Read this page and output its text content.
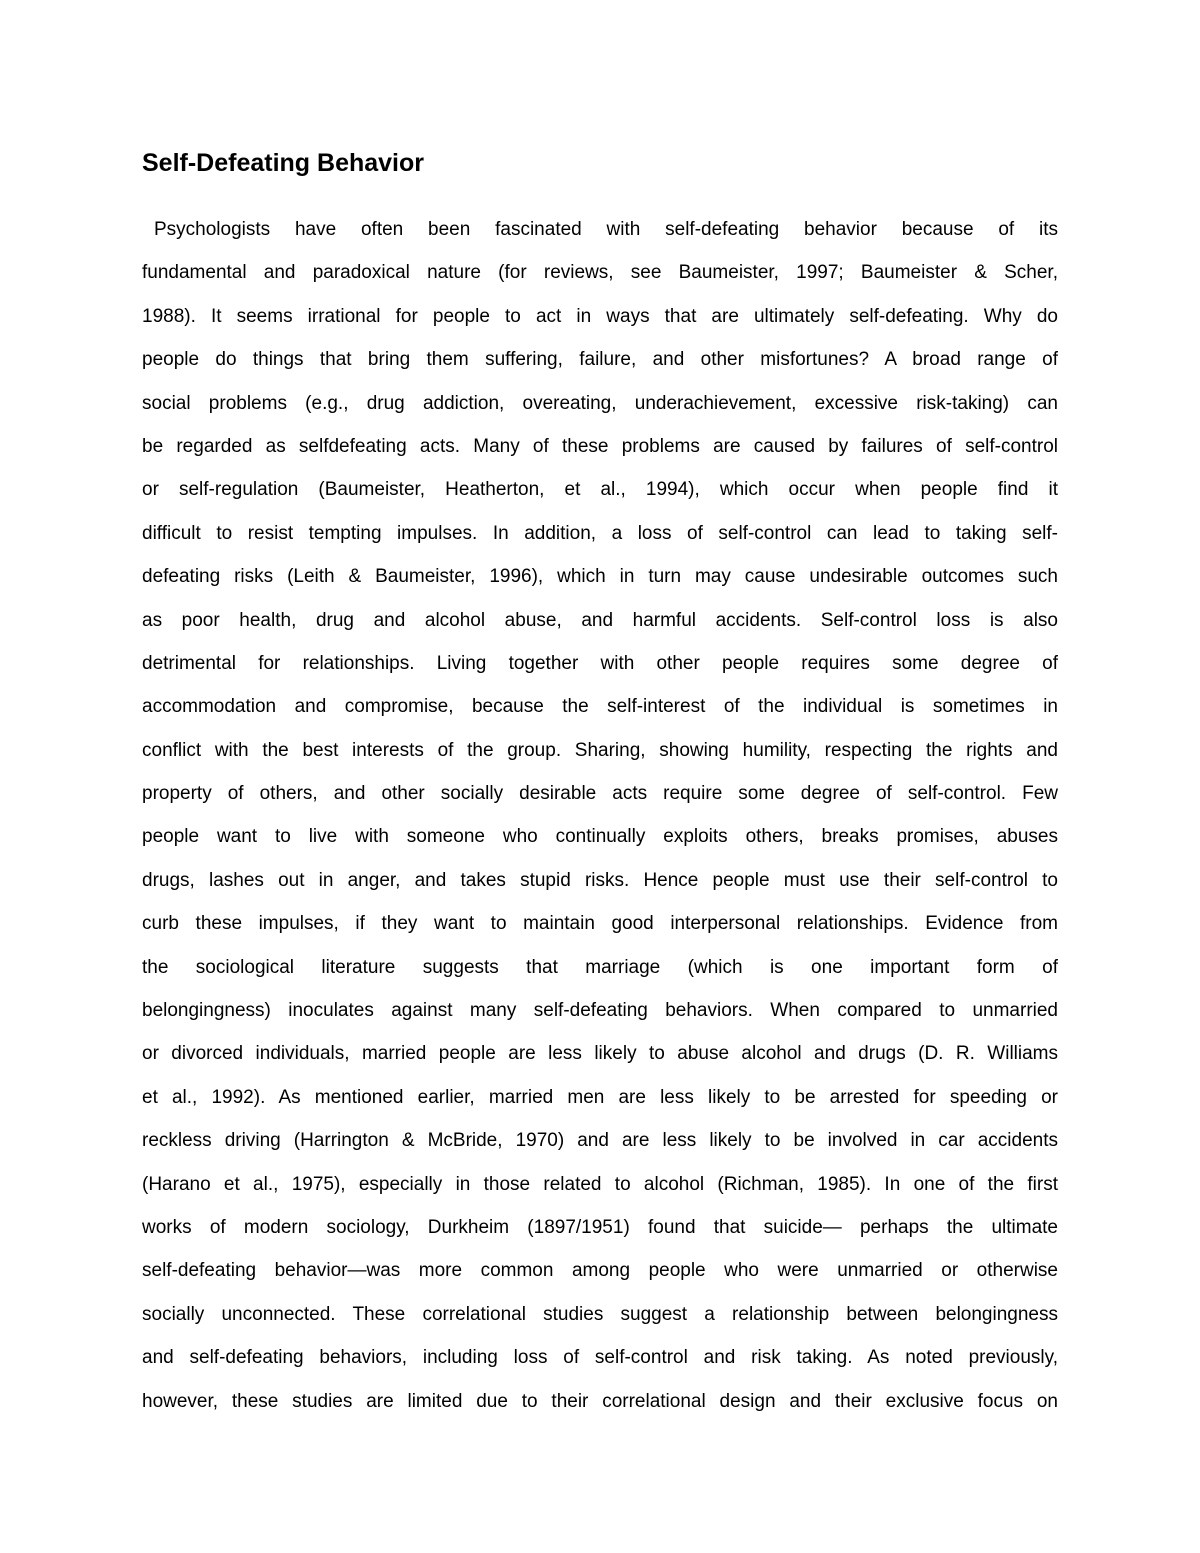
Self-Defeating Behavior
Psychologists have often been fascinated with self-defeating behavior because of its
fundamental and paradoxical nature (for reviews, see Baumeister, 1997; Baumeister & Scher,
1988). It seems irrational for people to act in ways that are ultimately self-defeating. Why do
people do things that bring them suffering, failure, and other misfortunes? A broad range of
social problems (e.g., drug addiction, overeating, underachievement, excessive risk-taking) can
be regarded as selfdefeating acts. Many of these problems are caused by failures of self-control
or self-regulation (Baumeister, Heatherton, et al., 1994), which occur when people find it
difficult to resist tempting impulses. In addition, a loss of self-control can lead to taking self-
defeating risks (Leith & Baumeister, 1996), which in turn may cause undesirable outcomes such
as poor health, drug and alcohol abuse, and harmful accidents. Self-control loss is also
detrimental for relationships. Living together with other people requires some degree of
accommodation and compromise, because the self-interest of the individual is sometimes in
conflict with the best interests of the group. Sharing, showing humility, respecting the rights and
property of others, and other socially desirable acts require some degree of self-control. Few
people want to live with someone who continually exploits others, breaks promises, abuses
drugs, lashes out in anger, and takes stupid risks. Hence people must use their self-control to
curb these impulses, if they want to maintain good interpersonal relationships. Evidence from
the sociological literature suggests that marriage (which is one important form of
belongingness) inoculates against many self-defeating behaviors. When compared to unmarried
or divorced individuals, married people are less likely to abuse alcohol and drugs (D. R. Williams
et al., 1992). As mentioned earlier, married men are less likely to be arrested for speeding or
reckless driving (Harrington & McBride, 1970) and are less likely to be involved in car accidents
(Harano et al., 1975), especially in those related to alcohol (Richman, 1985). In one of the first
works of modern sociology, Durkheim (1897/1951) found that suicide— perhaps the ultimate
self-defeating behavior—was more common among people who were unmarried or otherwise
socially unconnected. These correlational studies suggest a relationship between belongingness
and self-defeating behaviors, including loss of self-control and risk taking. As noted previously,
however, these studies are limited due to their correlational design and their exclusive focus on
